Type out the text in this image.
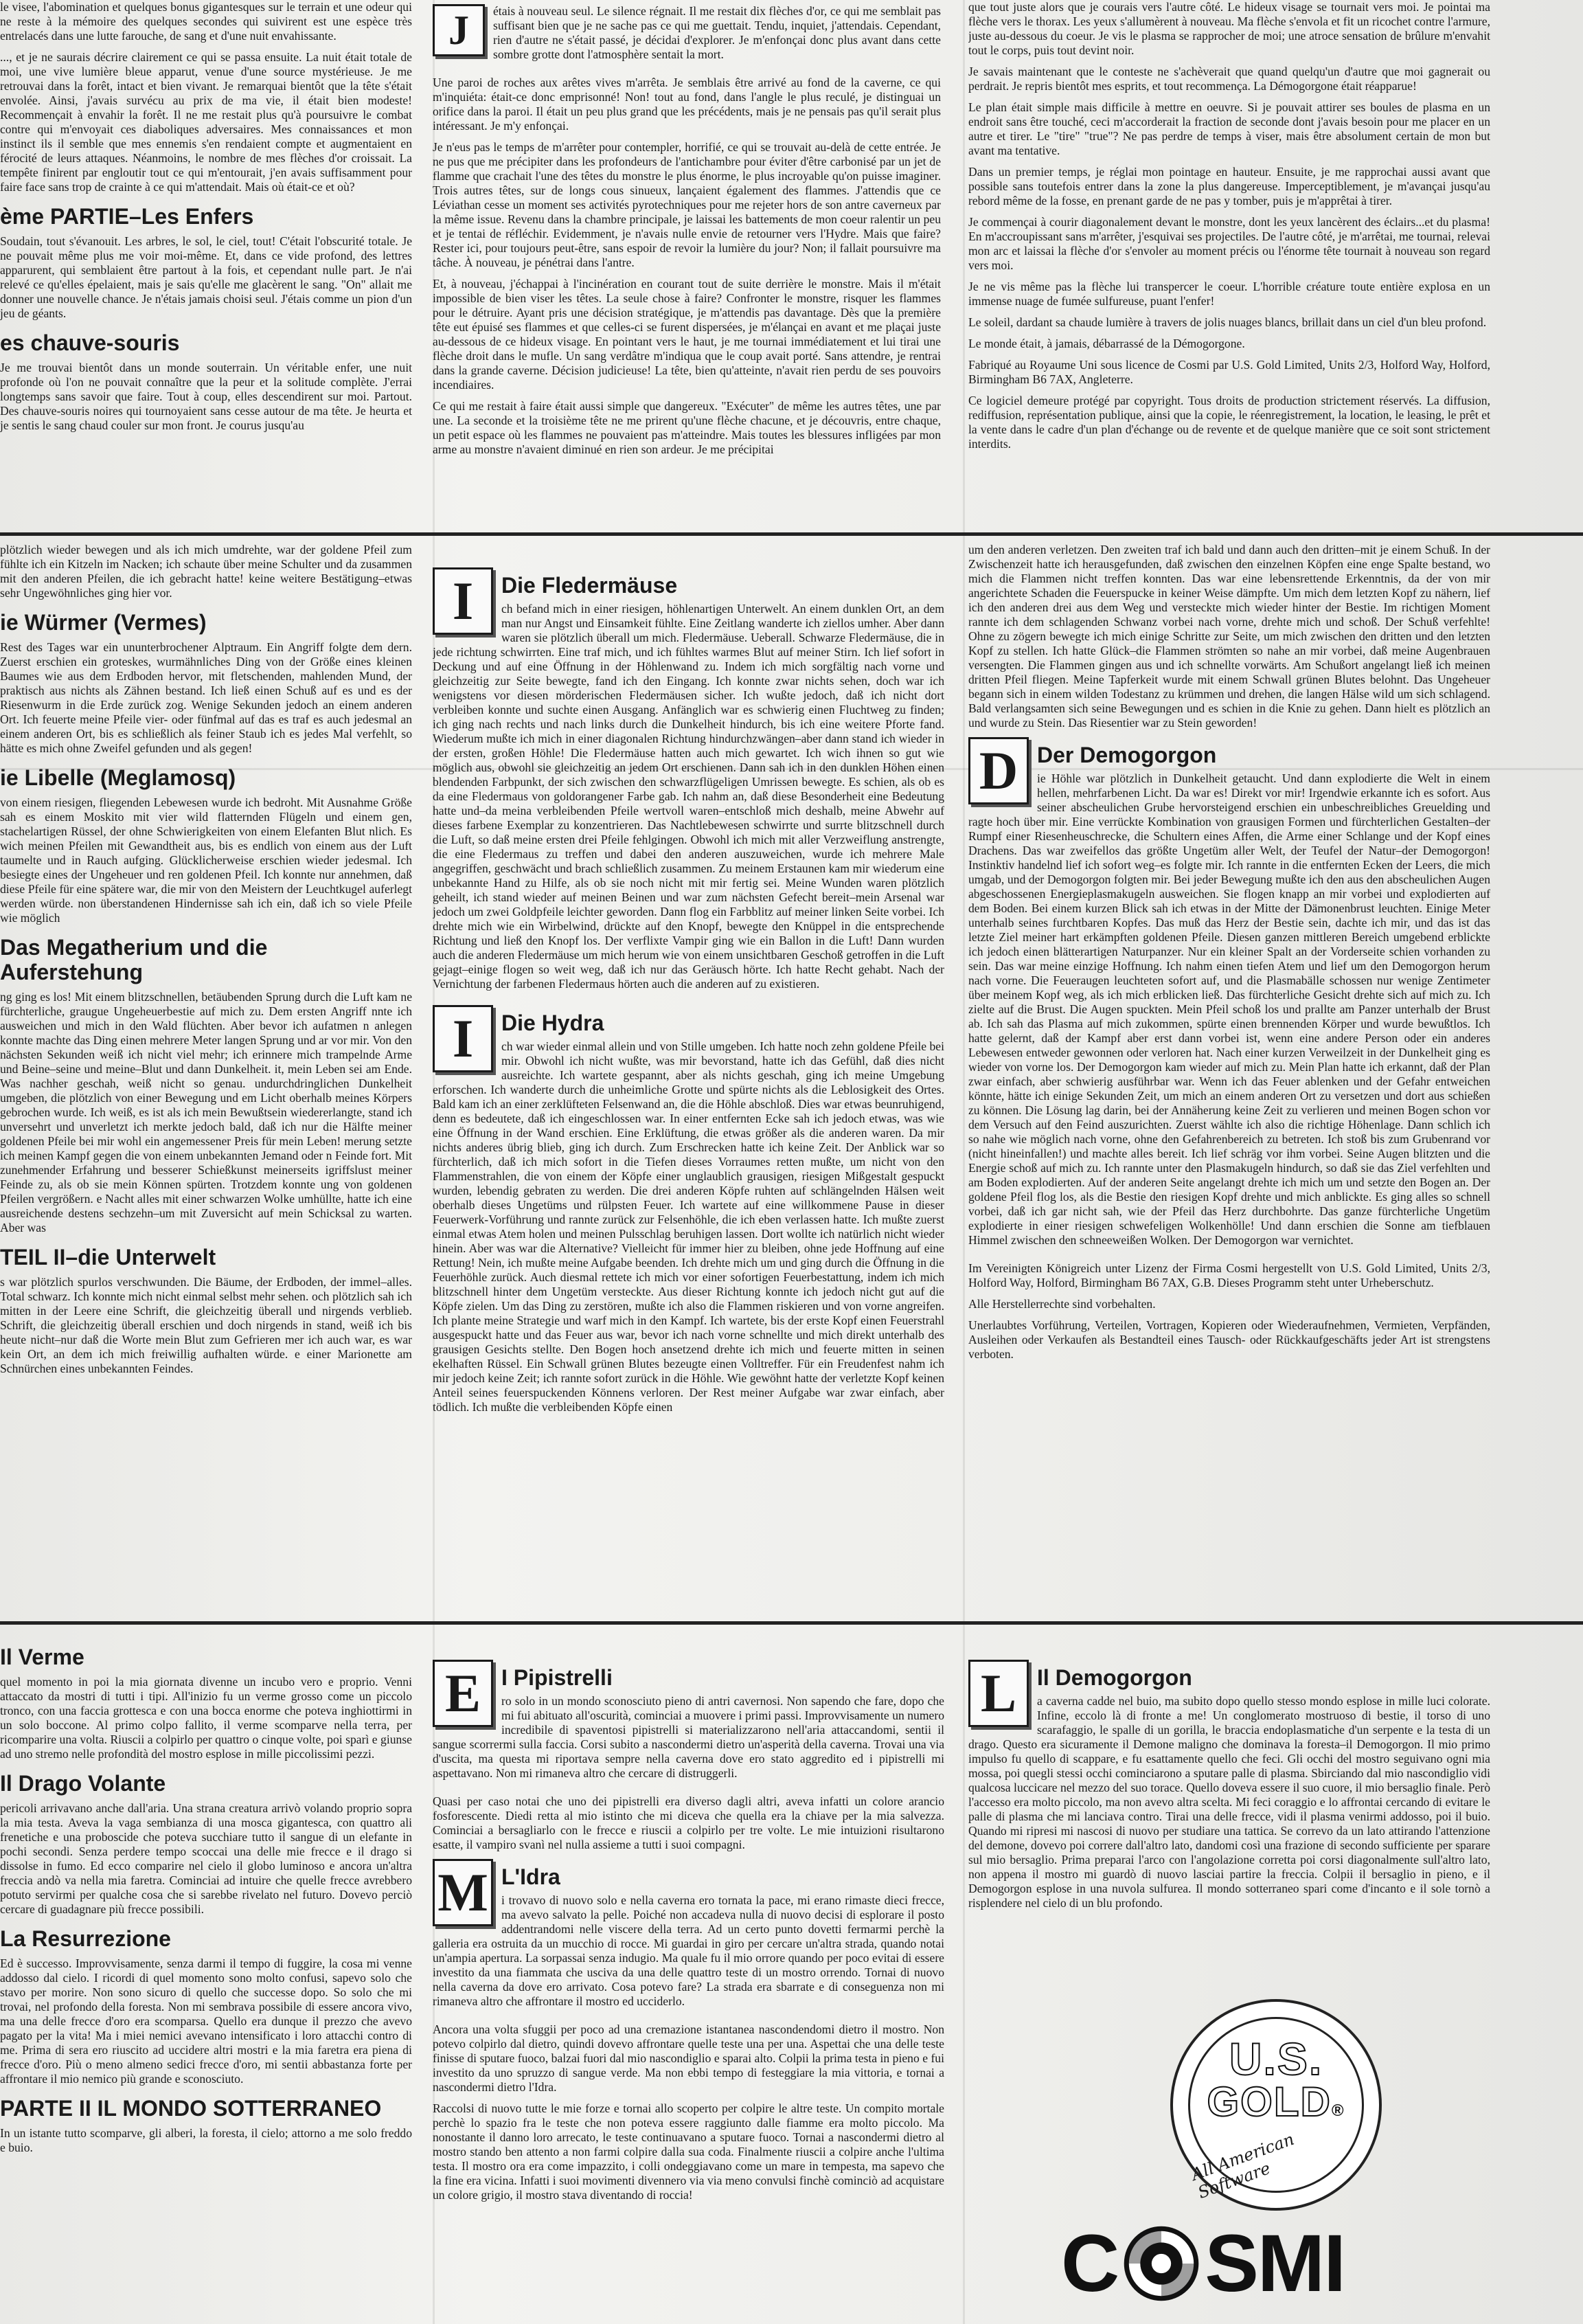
le visee, l'abomination et quelques bonus gigantesques sur le terrain et une odeur qui ne reste à la mémoire des quelques secondes qui suivirent est une espèce très entrelacés dans une lutte farouche, de sang et d'une nuit envahissante.

..., et je ne saurais décrire clairement ce qui se passa ensuite. La nuit était totale de moi, une vive lumière bleue apparut, venue d'une source mystérieuse. Je me retrouvai dans la forêt, intact et bien vivant. Je remarquai bientôt que la tête s'était envolée. Ainsi, j'avais survécu au prix de ma vie, il était bien modeste! Recommençait à envahir la forêt. Il ne me restait plus qu'à poursuivre le combat contre qui m'envoyait ces diaboliques adversaires. Mes connaissances et mon instinct ils il semble que mes ennemis s'en rendaient compte et augmentaient en férocité de leurs attaques. Néanmoins, le nombre de mes flèches d'or croissait. La tempête finirent par engloutir tout ce qui m'entourait, j'en avais suffisamment pour faire face sans trop de crainte à ce qui m'attendait. Mais où était-ce et où?

ème PARTIE–Les Enfers

Soudain, tout s'évanouit. Les arbres, le sol, le ciel, tout! C'était l'obscurité totale. Je ne pouvait même plus me voir moi-même. Et, dans ce vide profond, des lettres apparurent, qui semblaient être partout à la fois, et cependant nulle part. Je n'ai relevé ce qu'elles épelaient, mais je sais qu'elle me glacèrent le sang. "On" allait me donner une nouvelle chance. Je n'étais jamais choisi seul. J'étais comme un pion d'un jeu de géants.

es chauve-souris

Je me trouvai bientôt dans un monde souterrain. Un véritable enfer, une nuit profonde où l'on ne pouvait connaître que la peur et la solitude complète. J'errai longtemps sans savoir que faire. Tout à coup, elles descendirent sur moi. Partout. Des chauve-souris noires qui tournoyaient sans cesse autour de ma tête. Je heurta et je sentis le sang chaud couler sur mon front. Je courus jusqu'au

J	étais à nouveau seul. Le silence régnait. Il me restait dix flèches d'or, ce qui me semblait pas suffisant bien que je ne sache pas ce qui me guettait. Tendu, inquiet, j'attendais. Cependant, rien d'autre ne s'était passé, je décidai d'explorer. Je m'enfonçai donc plus avant dans cette sombre grotte dont l'atmosphère sentait la mort.

Une paroi de roches aux arêtes vives m'arrêta. Je semblais être arrivé au fond de la caverne, ce qui m'inquiéta: était-ce donc emprisonné! Non! tout au fond, dans l'angle le plus reculé, je distinguai un orifice dans la paroi. Il était un peu plus grand que les précédents, mais je ne pensais pas qu'il serait plus intéressant. Je m'y enfonçai.

Je n'eus pas le temps de m'arrêter pour contempler, horrifié, ce qui se trouvait au-delà de cette entrée. Je ne pus que me précipiter dans les profondeurs de l'antichambre pour éviter d'être carbonisé par un jet de flamme que crachait l'une des têtes du monstre le plus énorme, le plus incroyable qu'on puisse imaginer. Trois autres têtes, sur de longs cous sinueux, lançaient également des flammes. J'attendis que ce Léviathan cesse un moment ses activités pyrotechniques pour me rejeter hors de son antre caverneux par la même issue. Revenu dans la chambre principale, je laissai les battements de mon coeur ralentir un peu et je tentai de réfléchir. Evidemment, je n'avais nulle envie de retourner vers l'Hydre. Mais que faire? Rester ici, pour toujours peut-être, sans espoir de revoir la lumière du jour? Non; il fallait poursuivre ma tâche. À nouveau, je pénétrai dans l'antre.

Et, à nouveau, j'échappai à l'incinération en courant tout de suite derrière le monstre. Mais il m'était impossible de bien viser les têtes. La seule chose à faire? Confronter le monstre, risquer les flammes pour le détruire. Ayant pris une décision stratégique, je m'attendis pas davantage. Dès que la première tête eut épuisé ses flammes et que celles-ci se furent dispersées, je m'élançai en avant et me plaçai juste au-dessous de ce hideux visage. En pointant vers le haut, je me tournai immédiatement et lui tirai une flèche droit dans le mufle. Un sang verdâtre m'indiqua que le coup avait porté. Sans attendre, je rentrai dans la grande caverne. Décision judicieuse! La tête, bien qu'atteinte, n'avait rien perdu de ses pouvoirs incendiaires.

Ce qui me restait à faire était aussi simple que dangereux. "Exécuter" de même les autres têtes, une par une. La seconde et la troisième tête ne me prirent qu'une flèche chacune, et je découvris, entre chaque, un petit espace où les flammes ne pouvaient pas m'atteindre. Mais toutes les blessures infligées par mon arme au monstre n'avaient diminué en rien son ardeur. Je me précipitai

que tout juste alors que je courais vers l'autre côté. Le hideux visage se tournait vers moi. Je pointai ma flèche vers le thorax. Les yeux s'allumèrent à nouveau. Ma flèche s'envola et fit un ricochet contre l'armure, juste au-dessous du coeur. Je vis le plasma se rapprocher de moi; une atroce sensation de brûlure m'envahit tout le corps, puis tout devint noir.

Je savais maintenant que le conteste ne s'achèverait que quand quelqu'un d'autre que moi gagnerait ou perdrait. Je repris bientôt mes esprits, et tout recommença. La Démogorgone était réapparue!

Le plan était simple mais difficile à mettre en oeuvre. Si je pouvait attirer ses boules de plasma en un endroit sans être touché, ceci m'accorderait la fraction de seconde dont j'avais besoin pour me placer en un autre et tirer. Le "tire" "true"? Ne pas perdre de temps à viser, mais être absolument certain de mon but avant ma tentative.

Dans un premier temps, je réglai mon pointage en hauteur. Ensuite, je me rapprochai aussi avant que possible sans toutefois entrer dans la zone la plus dangereuse. Imperceptiblement, je m'avançai jusqu'au rebord même de la fosse, en prenant garde de ne pas y tomber, puis je m'apprêtai à tirer.

Je commençai à courir diagonalement devant le monstre, dont les yeux lancèrent des éclairs...et du plasma! En m'accroupissant sans m'arrêter, j'esquivai ses projectiles. De l'autre côté, je m'arrêtai, me tournai, relevai mon arc et laissai la flèche d'or s'envoler au moment précis ou l'énorme tête tournait à nouveau son regard vers moi.

Je ne vis même pas la flèche lui transpercer le coeur. L'horrible créature toute entière explosa en un immense nuage de fumée sulfureuse, puant l'enfer!

Le soleil, dardant sa chaude lumière à travers de jolis nuages blancs, brillait dans un ciel d'un bleu profond.

Le monde était, à jamais, débarrassé de la Démogorgone.

Fabriqué au Royaume Uni sous licence de Cosmi par U.S. Gold Limited, Units 2/3, Holford Way, Holford, Birmingham B6 7AX, Angleterre.

Ce logiciel demeure protégé par copyright. Tous droits de production strictement réservés. La diffusion, rediffusion, représentation publique, ainsi que la copie, le réenregistrement, la location, le leasing, le prêt et la vente dans le cadre d'un plan d'échange ou de revente et de quelque manière que ce soit sont strictement interdits.

plötzlich wieder bewegen und als ich mich umdrehte, war der goldene Pfeil zum fühlte ich ein Kitzeln im Nacken; ich schaute über meine Schulter und da zusammen mit den anderen Pfeilen, die ich gebracht hatte! keine weitere Bestätigung–etwas sehr Ungewöhnliches ging hier vor.

ie Würmer (Vermes)

Rest des Tages war ein ununterbrochener Alptraum. Ein Angriff folgte dem dern. Zuerst erschien ein groteskes, wurmähnliches Ding von der Größe eines kleinen Baumes wie aus dem Erdboden hervor, mit fletschenden, mahlenden Mund, der praktisch aus nichts als Zähnen bestand. Ich ließ einen Schuß auf es und es der Riesenwurm in die Erde zurück zog. Wenige Sekunden jedoch an einem anderen Ort. Ich feuerte meine Pfeile vier- oder fünfmal auf das es traf es auch jedesmal an einem anderen Ort, bis es schließlich als feiner Staub ich es jedes Mal verfehlt, so hätte es mich ohne Zweifel gefunden und als gegen!

ie Libelle (Meglamosq)

von einem riesigen, fliegenden Lebewesen wurde ich bedroht. Mit Ausnahme Größe sah es einem Moskito mit vier wild flatternden Flügeln und einem gen, stachelartigen Rüssel, der ohne Schwierigkeiten von einem Elefanten Blut nlich. Es wich meinen Pfeilen mit Gewandtheit aus, bis es endlich von einem aus der Luft taumelte und in Rauch aufging. Glücklicherweise erschien wieder jedesmal. Ich besiegte eines der Ungeheuer und ren goldenen Pfeil. Ich konnte nur annehmen, daß diese Pfeile für eine spätere war, die mir von den Meistern der Leuchtkugel auferlegt werden würde. non überstandenen Hindernisse sah ich ein, daß ich so viele Pfeile wie möglich

Das Megatherium und die Auferstehung

ng ging es los! Mit einem blitzschnellen, betäubenden Sprung durch die Luft kam ne fürchterliche, graugue Ungeheuerbestie auf mich zu. Dem ersten Angriff nnte ich ausweichen und mich in den Wald flüchten. Aber bevor ich aufatmen n anlegen konnte machte das Ding einen mehrere Meter langen Sprung und ar vor mir. Von den nächsten Sekunden weiß ich nicht viel mehr; ich erinnere mich trampelnde Arme und Beine–seine und meine–Blut und dann Dunkelheit. it, mein Leben sei am Ende. Was nachher geschah, weiß nicht so genau. undurchdringlichen Dunkelheit umgeben, die plötzlich von einer Bewegung und em Licht oberhalb meines Körpers gebrochen wurde. Ich weiß, es ist als ich mein Bewußtsein wiedererlangte, stand ich unversehrt und unverletzt ich merkte jedoch bald, daß ich nur die Hälfte meiner goldenen Pfeile bei mir wohl ein angemessener Preis für mein Leben! merung setzte ich meinen Kampf gegen die von einem unbekannten Jemand oder n Feinde fort. Mit zunehmender Erfahrung und besserer Schießkunst meinerseits igriffslust meiner Feinde zu, als ob sie mein Können spürten. Trotzdem konnte ung von goldenen Pfeilen vergrößern. e Nacht alles mit einer schwarzen Wolke umhüllte, hatte ich eine ausreichende destens sechzehn–um mit Zuversicht auf mein Schicksal zu warten. Aber was

TEIL II–die Unterwelt

s war plötzlich spurlos verschwunden. Die Bäume, der Erdboden, der immel–alles. Total schwarz. Ich konnte mich nicht einmal selbst mehr sehen. och plötzlich sah ich mitten in der Leere eine Schrift, die gleichzeitig überall und nirgends verblieb. Schrift, die gleichzeitig überall erschien und doch nirgends in stand, weiß ich bis heute nicht–nur daß die Worte mein Blut zum Gefrieren mer ich auch war, es war kein Ort, an dem ich mich freiwillig aufhalten würde. e einer Marionette am Schnürchen eines unbekannten Feindes.

I	Die Fledermäuse

ch befand mich in einer riesigen, höhlenartigen Unterwelt. An einem dunklen Ort, an dem man nur Angst und Einsamkeit fühlte. Eine Zeitlang wanderte ich ziellos umher. Aber dann waren sie plötzlich überall um mich. Fledermäuse. Ueberall. Schwarze Fledermäuse, die in jede richtung schwirrten. Eine traf mich, und ich fühltes warmes Blut auf meiner Stirn. Ich lief sofort in Deckung und auf eine Öffnung in der Höhlenwand zu. Indem ich mich sorgfältig nach vorne und gleichzeitig zur Seite bewegte, fand ich den Eingang. Ich konnte zwar nichts sehen, doch war ich wenigstens vor diesen mörderischen Fledermäusen sicher. Ich wußte jedoch, daß ich nicht dort verbleiben konnte und suchte einen Ausgang. Anfänglich war es schwierig einen Fluchtweg zu finden; ich ging nach rechts und nach links durch die Dunkelheit hindurch, bis ich eine weitere Pforte fand. Wiederum mußte ich mich in einer diagonalen Richtung hindurchzwängen–aber dann stand ich wieder in der ersten, großen Höhle! Die Fledermäuse hatten auch mich gewartet. Ich wich ihnen so gut wie möglich aus, obwohl sie gleichzeitig an jedem Ort erschienen. Dann sah ich in den dunklen Höhen einen blendenden Farbpunkt, der sich zwischen den schwarzflügeligen Umrissen bewegte. Es schien, als ob es da eine Fledermaus von goldorangener Farbe gab. Ich nahm an, daß diese Besonderheit eine Bedeutung hatte und–da meina verbleibenden Pfeile wertvoll waren–entschloß mich deshalb, meine Abwehr auf dieses farbene Exemplar zu konzentrieren. Das Nachtlebewesen schwirrte und surrte blitzschnell durch die Luft, so daß meine ersten drei Pfeile fehlgingen. Obwohl ich mich mit aller Verzweiflung anstrengte, die eine Fledermaus zu treffen und dabei den anderen auszuweichen, wurde ich mehrere Male angegriffen, geschwächt und brach schließlich zusammen. Zu meinem Erstaunen kam mir wiederum eine unbekannte Hand zu Hilfe, als ob sie noch nicht mit mir fertig sei. Meine Wunden waren plötzlich geheilt, ich stand wieder auf meinen Beinen und war zum nächsten Gefecht bereit–mein Arsenal war jedoch um zwei Goldpfeile leichter geworden. Dann flog ein Farbblitz auf meiner linken Seite vorbei. Ich drehte mich wie ein Wirbelwind, drückte auf den Knopf, bewegte den Knüppel in die entsprechende Richtung und ließ den Knopf los. Der verflixte Vampir ging wie ein Ballon in die Luft! Dann wurden auch die anderen Fledermäuse um mich herum wie von einem unsichtbaren Geschoß getroffen in die Luft gejagt–einige flogen so weit weg, daß ich nur das Geräusch hörte. Ich hatte Recht gehabt. Nach der Vernichtung der farbenen Fledermaus hörten auch die anderen auf zu existieren.

I	Die Hydra

ch war wieder einmal allein und von Stille umgeben. Ich hatte noch zehn goldene Pfeile bei mir. Obwohl ich nicht wußte, was mir bevorstand, hatte ich das Gefühl, daß dies nicht ausreichte. Ich wartete gespannt, aber als nichts geschah, ging ich meine Umgebung erforschen. Ich wanderte durch die unheimliche Grotte und spürte nichts als die Leblosigkeit des Ortes. Bald kam ich an einer zerklüfteten Felsenwand an, die die Höhle abschloß. Dies war etwas beunruhigend, denn es bedeutete, daß ich eingeschlossen war. In einer entfernten Ecke sah ich jedoch etwas, was wie eine Öffnung in der Wand erschien. Eine Erklüftung, die etwas größer als die anderen waren. Da mir nichts anderes übrig blieb, ging ich durch. Zum Erschrecken hatte ich keine Zeit. Der Anblick war so fürchterlich, daß ich mich sofort in die Tiefen dieses Vorraumes retten mußte, um nicht von den Flammenstrahlen, die von einem der Köpfe einer unglaublich grausigen, riesigen Mißgestalt gespuckt wurden, lebendig gebraten zu werden. Die drei anderen Köpfe ruhten auf schlängelnden Hälsen weit oberhalb dieses Ungetüms und rülpsten Feuer. Ich wartete auf eine willkommene Pause in dieser Feuerwerk-Vorführung und rannte zurück zur Felsenhöhle, die ich eben verlassen hatte. Ich mußte zuerst einmal etwas Atem holen und meinen Pulsschlag beruhigen lassen. Dort wollte ich natürlich nicht wieder hinein. Aber was war die Alternative? Vielleicht für immer hier zu bleiben, ohne jede Hoffnung auf eine Rettung! Nein, ich mußte meine Aufgabe beenden. Ich drehte mich um und ging durch die Öffnung in die Feuerhöhle zurück. Auch diesmal rettete ich mich vor einer sofortigen Feuerbestattung, indem ich mich blitzschnell hinter dem Ungetüm versteckte. Aus dieser Richtung konnte ich jedoch nicht gut auf die Köpfe zielen. Um das Ding zu zerstören, mußte ich also die Flammen riskieren und von vorne angreifen. Ich plante meine Strategie und warf mich in den Kampf. Ich wartete, bis der erste Kopf einen Feuerstrahl ausgespuckt hatte und das Feuer aus war, bevor ich nach vorne schnellte und mich direkt unterhalb des grausigen Gesichts stellte. Den Bogen hoch ansetzend drehte ich mich und feuerte mitten in seinen ekelhaften Rüssel. Ein Schwall grünen Blutes bezeugte einen Volltreffer. Für ein Freudenfest nahm ich mir jedoch keine Zeit; ich rannte sofort zurück in die Höhle. Wie gewöhnt hatte der verletzte Kopf keinen Anteil seines feuerspuckenden Könnens verloren. Der Rest meiner Aufgabe war zwar einfach, aber tödlich. Ich mußte die verbleibenden Köpfe einen

um den anderen verletzen. Den zweiten traf ich bald und dann auch den dritten–mit je einem Schuß. In der Zwischenzeit hatte ich herausgefunden, daß zwischen den einzelnen Köpfen eine enge Spalte bestand, wo mich die Flammen nicht treffen konnten. Das war eine lebensrettende Erkenntnis, da der von mir angerichtete Schaden die Feuerspucke in keiner Weise dämpfte. Um mich dem letzten Kopf zu nähern, lief ich den anderen drei aus dem Weg und versteckte mich wieder hinter der Bestie. Im richtigen Moment rannte ich dem schlagenden Schwanz vorbei nach vorne, drehte mich und schoß. Der Schuß verfehlte! Ohne zu zögern bewegte ich mich einige Schritte zur Seite, um mich zwischen den dritten und den letzten Kopf zu stellen. Ich hatte Glück–die Flammen strömten so nahe an mir vorbei, daß meine Augenbrauen versengten. Die Flammen gingen aus und ich schnellte vorwärts. Am Schußort angelangt ließ ich meinen dritten Pfeil fliegen. Meine Tapferkeit wurde mit einem Schwall grünen Blutes belohnt. Das Ungeheuer begann sich in einem wilden Todestanz zu krümmen und drehen, die langen Hälse wild um sich schlagend. Bald verlangsamten sich seine Bewegungen und es schien in die Knie zu gehen. Dann hielt es plötzlich an und wurde zu Stein. Das Riesentier war zu Stein geworden!

D Der Demogorgon

ie Höhle war plötzlich in Dunkelheit getaucht. Und dann explodierte die Welt in einem hellen, mehrfarbenen Licht. Da war es! Direkt vor mir! Irgendwie erkannte ich es sofort. Aus seiner abscheulichen Grube hervorsteigend erschien ein unbeschreibliches Greuelding und ragte hoch über mir. Eine verrückte Kombination von grausigen Formen und fürchterlichen Gestalten–der Rumpf einer Riesenheuschrecke, die Schultern eines Affen, die Arme einer Schlange und der Kopf eines Drachens. Das war zweifellos das größte Ungetüm aller Welt, der Teufel der Natur–der Demogorgon! Instinktiv handelnd lief ich sofort weg–es folgte mir. Ich rannte in die entfernten Ecken der Leers, die mich umgab, und der Demogorgon folgten mir. Bei jeder Bewegung mußte ich den aus den abscheulichen Augen abgeschossenen Energieplasmakugeln ausweichen. Sie flogen knapp an mir vorbei und explodierten auf dem Boden. Bei einem kurzen Blick sah ich etwas in der Mitte der Dämonenbrust leuchten. Einige Meter unterhalb seines furchtbaren Kopfes. Das muß das Herz der Bestie sein, dachte ich mir, und das ist das letzte Ziel meiner hart erkämpften goldenen Pfeile. Diesen ganzen mittleren Bereich umgebend erblickte ich jedoch einen blätterartigen Naturpanzer. Nur ein kleiner Spalt an der Vorderseite schien vorhanden zu sein. Das war meine einzige Hoffnung. Ich nahm einen tiefen Atem und lief um den Demogorgon herum nach vorne. Die Feueraugen leuchteten sofort auf, und die Plasmabälle schossen nur wenige Zentimeter über meinem Kopf weg, als ich mich erblicken ließ. Das fürchterliche Gesicht drehte sich auf mich zu. Ich zielte auf die Brust. Die Augen spuckten. Mein Pfeil schoß los und prallte am Panzer unterhalb der Brust ab. Ich sah das Plasma auf mich zukommen, spürte einen brennenden Körper und wurde bewußtlos. Ich hatte gelernt, daß der Kampf aber erst dann vorbei ist, wenn eine andere Person oder ein anderes Lebewesen entweder gewonnen oder verloren hat. Nach einer kurzen Verweilzeit in der Dunkelheit ging es wieder von vorne los. Der Demogorgon kam wieder auf mich zu. Mein Plan hatte ich erkannt, daß der Plan zwar einfach, aber schwierig ausführbar war. Wenn ich das Feuer ablenken und der Gefahr entweichen könnte, hätte ich einige Sekunden Zeit, um mich an einem anderen Ort zu versetzen und dort aus schießen zu können. Die Lösung lag darin, bei der Annäherung keine Zeit zu verlieren und meinen Bogen schon vor dem Versuch auf den Feind auszurichten. Zuerst wählte ich also die richtige Höhenlage. Dann schlich ich so nahe wie möglich nach vorne, ohne den Gefahrenbereich zu betreten. Ich stoß bis zum Grubenrand vor (nicht hineinfallen!) und machte alles bereit. Ich lief schräg vor ihm vorbei. Seine Augen blitzten und die Energie schoß auf mich zu. Ich rannte unter den Plasmakugeln hindurch, so daß sie das Ziel verfehlten und am Boden explodierten. Auf der anderen Seite angelangt drehte ich mich um und setzte den Bogen an. Der goldene Pfeil flog los, als die Bestie den riesigen Kopf drehte und mich anblickte. Es ging alles so schnell vorbei, daß ich gar nicht sah, wie der Pfeil das Herz durchbohrte. Das ganze fürchterliche Ungetüm explodierte in einer riesigen schwefeligen Wolkenhölle! Und dann erschien die Sonne am tiefblauen Himmel zwischen den schneeweißen Wolken. Der Demogorgon war vernichtet.

Im Vereinigten Königreich unter Lizenz der Firma Cosmi hergestellt von U.S. Gold Limited, Units 2/3, Holford Way, Holford, Birmingham B6 7AX, G.B. Dieses Programm steht unter Urheberschutz.

Alle Herstellerrechte sind vorbehalten.

Unerlaubtes Vorführung, Verteilen, Vortragen, Kopieren oder Wiederaufnehmen, Vermieten, Verpfänden, Ausleihen oder Verkaufen als Bestandteil eines Tausch- oder Rückkaufgeschäfts jeder Art ist strengstens verboten.

Il Verme

quel momento in poi la mia giornata divenne un incubo vero e proprio. Venni attaccato da mostri di tutti i tipi. All'inizio fu un verme grosso come un piccolo tronco, con una faccia grottesca e con una bocca enorme che poteva inghiottirmi in un solo boccone. Al primo colpo fallito, il verme scomparve nella terra, per ricomparire una volta. Riuscii a colpirlo per quattro o cinque volte, poi sparì e giunse ad uno stremo nelle profondità del mostro esplose in mille piccolissimi pezzi.

Il Drago Volante

pericoli arrivavano anche dall'aria. Una strana creatura arrivò volando proprio sopra la mia testa. Aveva la vaga sembianza di una mosca gigantesca, con quattro ali frenetiche e una proboscide che poteva succhiare tutto il sangue di un elefante in pochi secondi. Senza perdere tempo scoccai una delle mie frecce e il drago si dissolse in fumo. Ed ecco comparire nel cielo il globo luminoso e ancora un'altra freccia andò va nella mia faretra. Cominciai ad intuire che quelle frecce avrebbero potuto servirmi per qualche cosa che si sarebbe rivelato nel futuro. Dovevo perciò cercare di guadagnare più frecce possibili.

La Resurrezione

Ed è successo. Improvvisamente, senza darmi il tempo di fuggire, la cosa mi venne addosso dal cielo. I ricordi di quel momento sono molto confusi, sapevo solo che stavo per morire. Non sono sicuro di quello che successe dopo. So solo che mi trovai, nel profondo della foresta. Non mi sembrava possibile di essere ancora vivo, ma una delle frecce d'oro era scomparsa. Quello era dunque il prezzo che avevo pagato per la vita! Ma i miei nemici avevano intensificato i loro attacchi contro di me. Prima di sera ero riuscito ad uccidere altri mostri e la mia faretra era piena di frecce d'oro. Più o meno almeno sedici frecce d'oro, mi sentii abbastanza forte per affrontare il mio nemico più grande e sconosciuto.

PARTE II IL MONDO SOTTERRANEO

In un istante tutto scomparve, gli alberi, la foresta, il cielo; attorno a me solo freddo e buio.

E I Pipistrelli

ro solo in un mondo sconosciuto pieno di antri cavernosi. Non sapendo che fare, dopo che mi fui abituato all'oscurità, cominciai a muovere i primi passi. Improvvisamente un numero incredibile di spaventosi pipistrelli si materializzarono nell'aria attaccandomi, sentii il sangue scorrermi sulla faccia. Corsi subito a nascondermi dietro un'asperità della caverna. Trovai una via d'uscita, ma questa mi riportava sempre nella caverna dove ero stato aggredito ed i pipistrelli mi aspettavano. Non mi rimaneva altro che cercare di distruggerli.

Quasi per caso notai che uno dei pipistrelli era diverso dagli altri, aveva infatti un colore arancio fosforescente. Diedi retta al mio istinto che mi diceva che quella era la chiave per la mia salvezza. Cominciai a bersagliarlo con le frecce e riuscii a colpirlo per tre volte. Le mie intuizioni risultarono esatte, il vampiro svanì nel nulla assieme a tutti i suoi compagni.

M L'Idra

i trovavo di nuovo solo e nella caverna ero tornata la pace, mi erano rimaste dieci frecce, ma avevo salvato la pelle. Poiché non accadeva nulla di nuovo decisi di esplorare il posto addentrandomi nelle viscere della terra. Ad un certo punto dovetti fermarmi perchè la galleria era ostruita da un mucchio di rocce. Mi guardai in giro per cercare un'altra strada, quando notai un'ampia apertura. La sorpassai senza indugio. Ma quale fu il mio orrore quando per poco evitai di essere investito da una fiammata che usciva da una delle quattro teste di un mostro orrendo. Tornai di nuovo nella caverna da dove ero arrivato. Cosa potevo fare? La strada era sbarrate e di conseguenza non mi rimaneva altro che affrontare il mostro ed ucciderlo.

Ancora una volta sfuggii per poco ad una cremazione istantanea nascondendomi dietro il mostro. Non potevo colpirlo dal dietro, quindi dovevo affrontare quelle teste una per una. Aspettai che una delle teste finisse di sputare fuoco, balzai fuori dal mio nascondiglio e sparai alto. Colpii la prima testa in pieno e fui investito da uno spruzzo di sangue verde. Ma non ebbi tempo di festeggiare la mia vittoria, e tornai a nascondermi dietro l'Idra.

Raccolsi di nuovo tutte le mie forze e tornai allo scoperto per colpire le altre teste. Un compito mortale perchè lo spazio fra le teste che non poteva essere raggiunto dalle fiamme era molto piccolo. Ma nonostante il danno loro arrecato, le teste continuavano a sputare fuoco. Tornai a nascondermi dietro al mostro stando ben attento a non farmi colpire dalla sua coda. Finalmente riuscii a colpire anche l'ultima testa. Il mostro ora era come impazzito, i colli ondeggiavano come un mare in tempesta, ma sapevo che la fine era vicina. Infatti i suoi movimenti divennero via via meno convulsi finchè cominciò ad acquistare un colore grigio, il mostro stava diventando di roccia!

L Il Demogorgon

a caverna cadde nel buio, ma subito dopo quello stesso mondo esplose in mille luci colorate. Infine, eccolo là di fronte a me! Un conglomerato mostruoso di bestie, il torso di uno scarafaggio, le spalle di un gorilla, le braccia endoplasmatiche d'un serpente e la testa di un drago. Questo era sicuramente il Demone maligno che dominava la foresta–il Demogorgon. Il mio primo impulso fu quello di scappare, e fu esattamente quello che feci. Gli occhi del mostro seguivano ogni mia mossa, poi quegli stessi occhi cominciarono a sputare palle di plasma. Sbirciando dal mio nascondiglio vidi qualcosa luccicare nel mezzo del suo torace. Quello doveva essere il suo cuore, il mio bersaglio finale. Però l'accesso era molto piccolo, ma non avevo altra scelta. Mi feci coraggio e lo affrontai cercando di evitare le palle di plasma che mi lanciava contro. Tirai una delle frecce, vidi il plasma venirmi addosso, poi il buio. Quando mi ripresi mi nascosi di nuovo per studiare una tattica. Se correvo da un lato attirando l'attenzione del demone, dovevo poi correre dall'altro lato, dandomi così una frazione di secondo sufficiente per sparare sul mio bersaglio. Prima preparai l'arco con l'angolazione corretta poi corsi diagonalmente sull'altro lato, non appena il mostro mi guardò di nuovo lasciai partire la freccia. Colpii il bersaglio in pieno, e il Demogorgon esplose in una nuvola sulfurea. Il mondo sotterraneo spari come d'incanto e il sole tornò a risplendere nel cielo di un blu profondo.

U.S.
GOLD®
All American Software
C SMI
